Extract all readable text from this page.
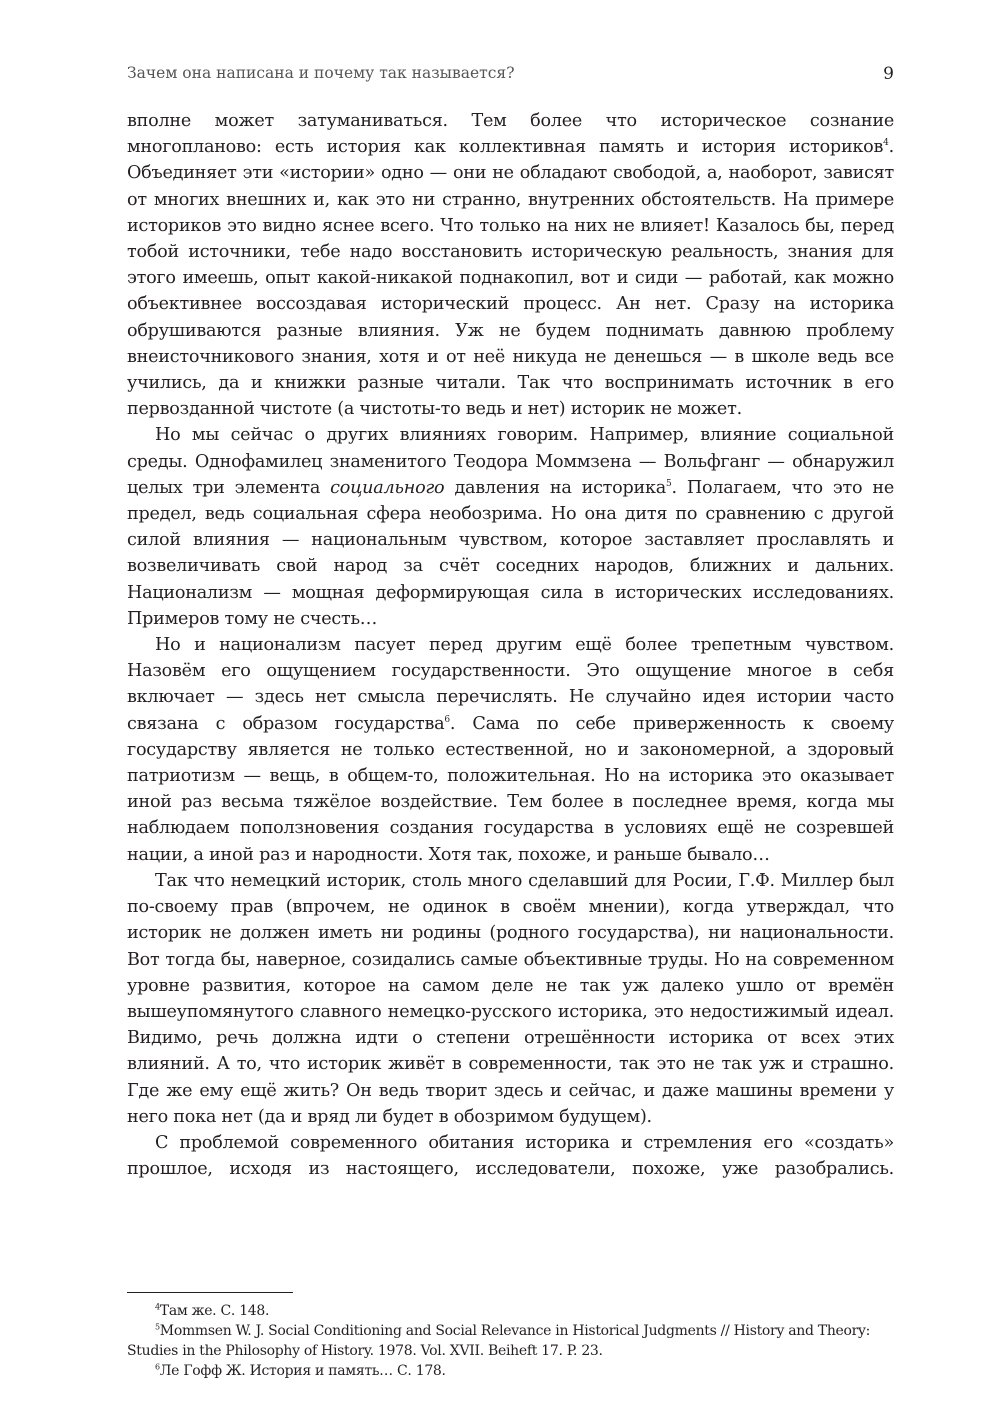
Зачем она написана и почему так называется?	9

вполне может затуманиваться. Тем более что историческое сознание многопланово: есть история как коллективная память и история историков$^4$. Объединяет эти «истории» одно — они не обладают свободой, а, наоборот, зависят от многих внешних и, как это ни странно, внутренних обстоятельств. На примере историков это видно яснее всего. Что только на них не влияет! Казалось бы, перед тобой источники, тебе надо восстановить историческую реальность, знания для этого имеешь, опыт какой-никакой поднакопил, вот и сиди — работай, как можно объективнее воссоздавая исторический процесс. Ан нет. Сразу на историка обрушиваются разные влияния. Уж не будем поднимать давнюю проблему внеисточникового знания, хотя и от неё никуда не денешься — в школе ведь все учились, да и книжки разные читали. Так что воспринимать источник в его первозданной чистоте (а чистоты-то ведь и нет) историк не может.

Но мы сейчас о других влияниях говорим. Например, влияние социальной среды. Однофамилец знаменитого Теодора Моммзена — Вольфганг — обнаружил целых три элемента социального давления на историка$^5$. Полагаем, что это не предел, ведь социальная сфера необозрима. Но она дитя по сравнению с другой силой влияния — национальным чувством, которое заставляет прославлять и возвеличивать свой народ за счёт соседних народов, ближних и дальних. Национализм — мощная деформирующая сила в исторических исследованиях. Примеров тому не счесть…

Но и национализм пасует перед другим ещё более трепетным чувством. Назовём его ощущением государственности. Это ощущение многое в себя включает — здесь нет смысла перечислять. Не случайно идея истории часто связана с образом государства$^6$. Сама по себе приверженность к своему государству является не только естественной, но и закономерной, а здоровый патриотизм — вещь, в общем-то, положительная. Но на историка это оказывает иной раз весьма тяжёлое воздействие. Тем более в последнее время, когда мы наблюдаем поползновения создания государства в условиях ещё не созревшей нации, а иной раз и народности. Хотя так, похоже, и раньше бывало…

Так что немецкий историк, столь много сделавший для Росии, Г.Ф. Миллер был по-своему прав (впрочем, не одинок в своём мнении), когда утверждал, что историк не должен иметь ни родины (родного государства), ни национальности. Вот тогда бы, наверное, созидались самые объективные труды. Но на современном уровне развития, которое на самом деле не так уж далеко ушло от времён вышеупомянутого славного немецко-русского историка, это недостижимый идеал. Видимо, речь должна идти о степени отрешённости историка от всех этих влияний. А то, что историк живёт в современности, так это не так уж и страшно. Где же ему ещё жить? Он ведь творит здесь и сейчас, и даже машины времени у него пока нет (да и вряд ли будет в обозримом будущем).

С проблемой современного обитания историка и стремления его «создать» прошлое, исходя из настоящего, исследователи, похоже, уже разобрались.

$^4$Там же. С. 148.

$^5$Mommsen W. J. Social Conditioning and Social Relevance in Historical Judgments // History and Theory: Studies in the Philosophy of History. 1978. Vol. XVII. Beiheft 17. P. 23.

$^6$Ле Гофф Ж. История и память… С. 178.
